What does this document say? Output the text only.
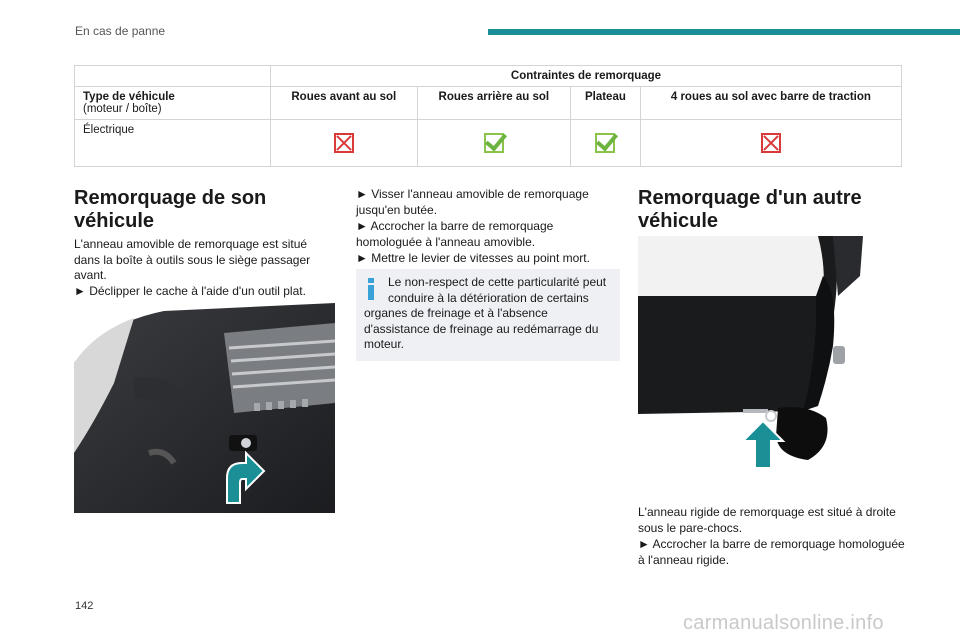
En cas de panne
	Contraintes de remorquage			

Type de véhicule
(moteur / boîte)	Roues avant au sol	Roues arrière au sol	Plateau	4 roues au sol avec barre de traction
Électrique				
Remorquage de son véhicule
L'anneau amovible de remorquage est situé dans la boîte à outils sous le siège passager avant.
► Déclipper le cache à l'aide d'un outil plat.
► Visser l'anneau amovible de remorquage jusqu'en butée.
► Accrocher la barre de remorquage homologuée à l'anneau amovible.
► Mettre le levier de vitesses au point mort.
Le non-respect de cette particularité peut conduire à la détérioration de certains
organes de freinage et à l'absence d'assistance de freinage au redémarrage du moteur.
Remorquage d'un autre véhicule
L'anneau rigide de remorquage est situé à droite sous le pare-chocs.
► Accrocher la barre de remorquage homologuée à l'anneau rigide.
142
carmanualsonline.info
